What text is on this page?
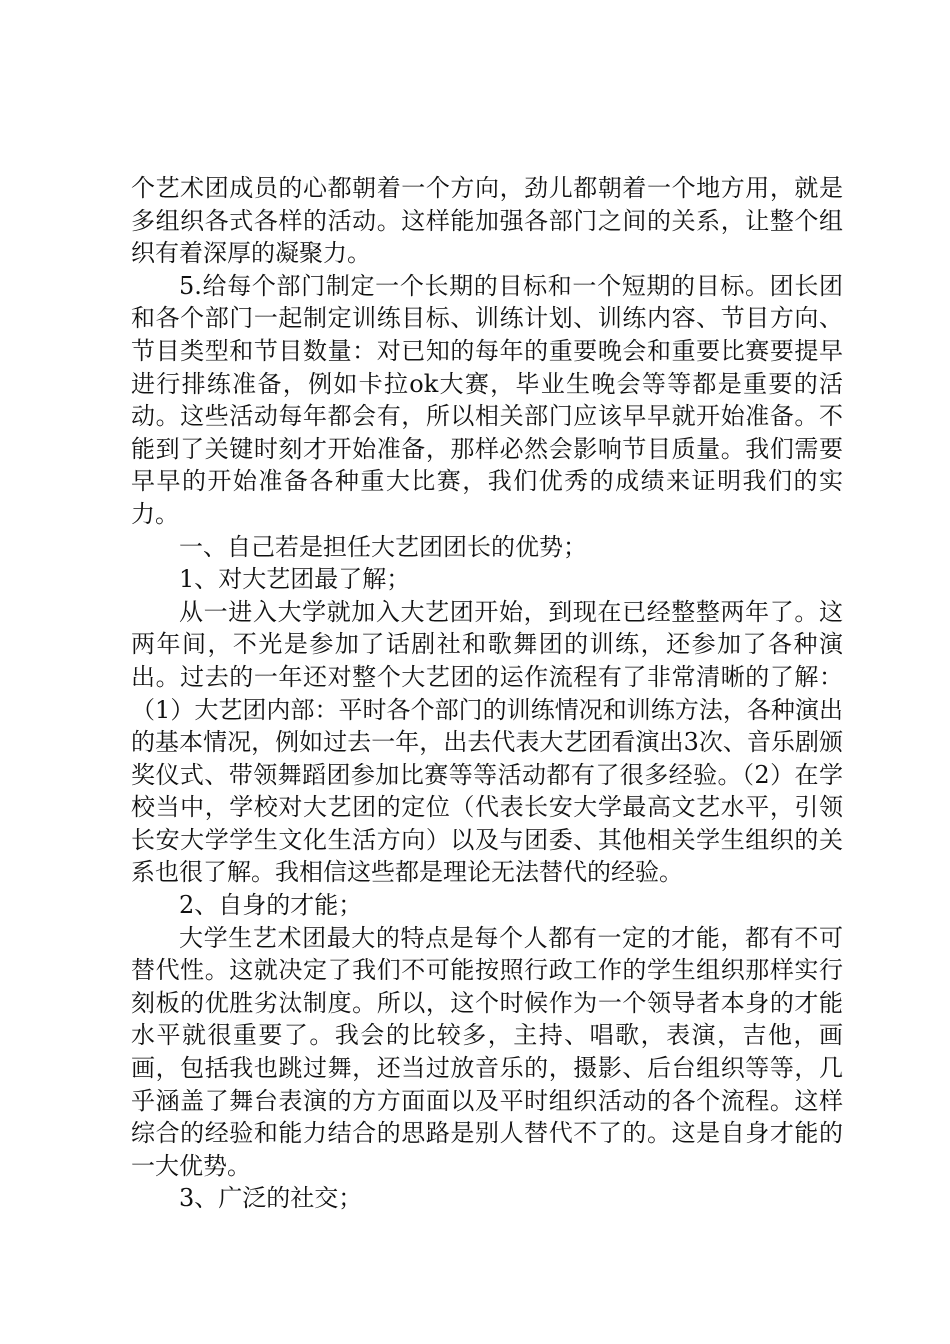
个艺术团成员的心都朝着一个方向，劲儿都朝着一个地方用，就是多组织各式各样的活动。这样能加强各部门之间的关系，让整个组织有着深厚的凝聚力。

5.给每个部门制定一个长期的目标和一个短期的目标。团长团和各个部门一起制定训练目标、训练计划、训练内容、节目方向、节目类型和节目数量：对已知的每年的重要晚会和重要比赛要提早进行排练准备，例如卡拉ok大赛，毕业生晚会等等都是重要的活动。这些活动每年都会有，所以相关部门应该早早就开始准备。不能到了关键时刻才开始准备，那样必然会影响节目质量。我们需要早早的开始准备各种重大比赛，我们优秀的成绩来证明我们的实力。

一、自己若是担任大艺团团长的优势；

1、对大艺团最了解；

从一进入大学就加入大艺团开始，到现在已经整整两年了。这两年间，不光是参加了话剧社和歌舞团的训练，还参加了各种演出。过去的一年还对整个大艺团的运作流程有了非常清晰的了解：（1）大艺团内部：平时各个部门的训练情况和训练方法，各种演出的基本情况，例如过去一年，出去代表大艺团看演出3次、音乐剧颁奖仪式、带领舞蹈团参加比赛等等活动都有了很多经验。（2）在学校当中，学校对大艺团的定位（代表长安大学最高文艺水平，引领长安大学学生文化生活方向）以及与团委、其他相关学生组织的关系也很了解。我相信这些都是理论无法替代的经验。

2、自身的才能；

大学生艺术团最大的特点是每个人都有一定的才能，都有不可替代性。这就决定了我们不可能按照行政工作的学生组织那样实行刻板的优胜劣汰制度。所以，这个时候作为一个领导者本身的才能水平就很重要了。我会的比较多，主持、唱歌，表演，吉他，画画，包括我也跳过舞，还当过放音乐的，摄影、后台组织等等，几乎涵盖了舞台表演的方方面面以及平时组织活动的各个流程。这样综合的经验和能力结合的思路是别人替代不了的。这是自身才能的一大优势。

3、广泛的社交；
